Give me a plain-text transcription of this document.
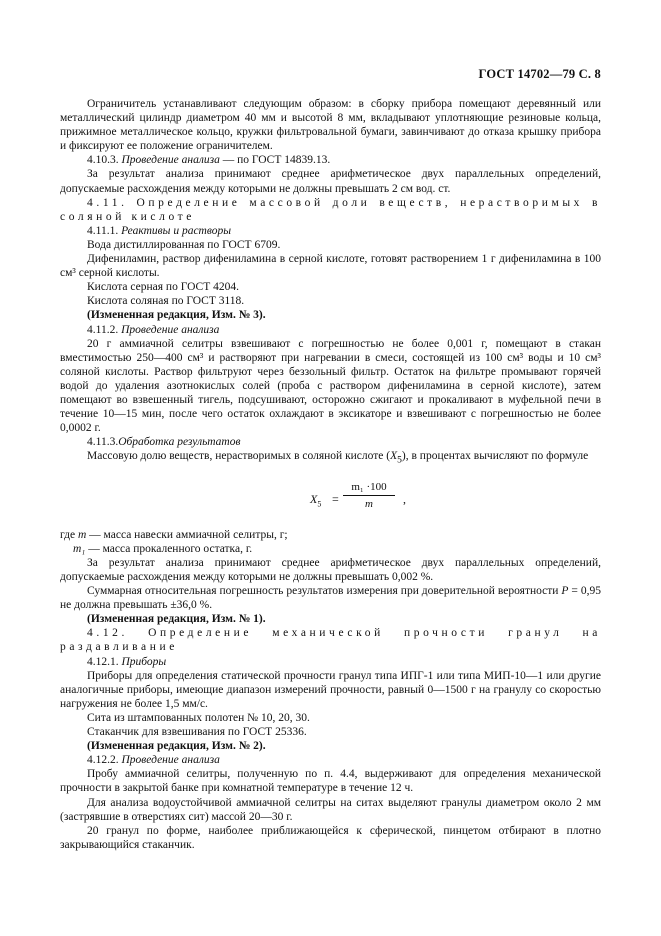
ГОСТ 14702—79 С. 8

Ограничитель устанавливают следующим образом: в сборку прибора помещают деревянный или металлический цилиндр диаметром 40 мм и высотой 8 мм, вкладывают уплотняющие резиновые кольца, прижимное металлическое кольцо, кружки фильтровальной бумаги, завинчивают до отказа крышку прибора и фиксируют ее положение ограничителем.

4.10.3. Проведение анализа — по ГОСТ 14839.13.

За результат анализа принимают среднее арифметическое двух параллельных определений, допускаемые расхождения между которыми не должны превышать 2 см вод. ст.

4.11. Определение массовой доли веществ, нерастворимых в соляной кислоте

4.11.1. Реактивы и растворы

Вода дистиллированная по ГОСТ 6709.

Дифениламин, раствор дифениламина в серной кислоте, готовят растворением 1 г дифениламина в 100 см³ серной кислоты.

Кислота серная по ГОСТ 4204.

Кислота соляная по ГОСТ 3118.

(Измененная редакция, Изм. № 3).

4.11.2. Проведение анализа

20 г аммиачной селитры взвешивают с погрешностью не более 0,001 г, помещают в стакан вместимостью 250—400 см³ и растворяют при нагревании в смеси, состоящей из 100 см³ воды и 10 см³ соляной кислоты. Раствор фильтруют через беззольный фильтр. Остаток на фильтре промывают горячей водой до удаления азотнокислых солей (проба с раствором дифениламина в серной кислоте), затем помещают во взвешенный тигель, подсушивают, осторожно сжигают и прокаливают в муфельной печи в течение 10—15 мин, после чего остаток охлаждают в эксикаторе и взвешивают с погрешностью не более 0,0002 г.

4.11.3.Обработка результатов

Массовую долю веществ, нерастворимых в соляной кислоте $(X_5)$, в процентах вычисляют по формуле

$X_5 = \frac{\text{m₁ ·100}}{m}$ ,

где m — масса навески аммиачной селитры, г;

m₁ — масса прокаленного остатка, г.

За результат анализа принимают среднее арифметическое двух параллельных определений, допускаемые расхождения между которыми не должны превышать 0,002 %.

Суммарная относительная погрешность результатов измерения при доверительной вероятности P = 0,95 не должна превышать ±36,0 %.

(Измененная редакция, Изм. № 1).

4.12. Определение механической прочности гранул на раздавливание

4.12.1. Приборы

Приборы для определения статической прочности гранул типа ИПГ-1 или типа МИП-10—1 или другие аналогичные приборы, имеющие диапазон измерений прочности, равный 0—1500 г на гранулу со скоростью нагружения не более 1,5 мм/с.

Сита из штампованных полотен № 10, 20, 30.

Стаканчик для взвешивания по ГОСТ 25336.

(Измененная редакция, Изм. № 2).

4.12.2. Проведение анализа

Пробу аммиачной селитры, полученную по п. 4.4, выдерживают для определения механической прочности в закрытой банке при комнатной температуре в течение 12 ч.

Для анализа водоустойчивой аммиачной селитры на ситах выделяют гранулы диаметром около 2 мм (застрявшие в отверстиях сит) массой 20—30 г.

20 гранул по форме, наиболее приближающейся к сферической, пинцетом отбирают в плотно закрывающийся стаканчик.
